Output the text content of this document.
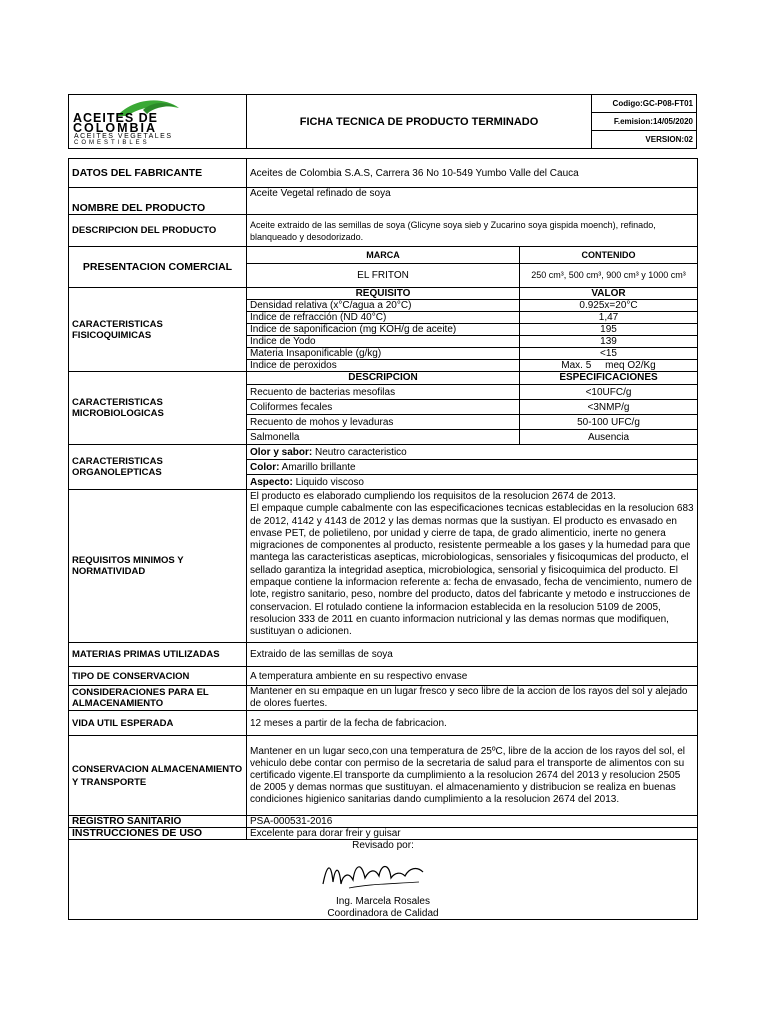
ACEITES DE
COLOMBIA
ACEITES VEGETALES
COMESTIBLES
	FICHA TECNICA DE PRODUCTO TERMINADO	Codigo:GC-P08-FT01
F.emision:14/05/2020
VERSION:02
DATOS DEL FABRICANTE	Aceites de Colombia S.A.S, Carrera 36 No 10-549 Yumbo Valle del Cauca	
NOMBRE DEL PRODUCTO	Aceite Vegetal refinado de soya	
DESCRIPCION DEL PRODUCTO	Aceite extraido de las semillas de soya (Glicyne soya sieb y Zucarino soya gispida moench), refinado, blanqueado y desodorizado.	
PRESENTACION COMERCIAL	MARCA	CONTENIDO
	EL FRITON	250 cm³, 500 cm³, 900 cm³ y 1000 cm³
CARACTERISTICAS FISICOQUIMICAS	REQUISITO	VALOR
	Densidad relativa (x°C/agua a 20°C)	0.925x=20°C
	Indice de refracción (ND 40°C)	1,47
	Indice de saponificacion (mg KOH/g de aceite)	195
	Indice de Yodo	139
	Materia Insaponificable (g/kg)	<15
	Indice de peroxidos	Max. 5     meq O2/Kg
CARACTERISTICAS MICROBIOLOGICAS	DESCRIPCION	ESPECIFICACIONES
	Recuento de bacterias mesofilas	<10UFC/g
	Coliformes fecales	<3NMP/g
	Recuento de mohos y levaduras	50-100 UFC/g
	Salmonella	Ausencia
CARACTERISTICAS ORGANOLEPTICAS	Olor y sabor: Neutro caracteristico	
	Color: Amarillo brillante	
	Aspecto: Liquido viscoso	
REQUISITOS MINIMOS Y NORMATIVIDAD	El producto es elaborado cumpliendo los requisitos de la resolucion 2674 de 2013.
El empaque cumple cabalmente con las especificaciones tecnicas establecidas en la resolucion 683 de 2012, 4142 y 4143 de 2012 y las demas normas que la sustiyan. El producto es envasado en envase PET, de polietileno, por unidad y cierre de tapa, de grado alimenticio, inerte no genera migraciones de componentes al producto, resistente permeable a los gases y la humedad para que mantega las caracteristicas asepticas, microbiologicas, sensoriales y fisicoqumicas del producto, el sellado garantiza la integridad aseptica, microbiologica, sensorial y fisicoquimica del producto. El empaque contiene la informacion referente a: fecha de envasado, fecha de vencimiento, numero de lote, registro sanitario, peso, nombre del producto, datos del fabricante y metodo e instrucciones de conservacion. El rotulado contiene la informacion establecida en la resolucion 5109 de 2005, resolucion 333 de 2011 en cuanto informacion nutricional y las demas normas que modifiquen, sustituyan o adicionen.	

MATERIAS PRIMAS UTILIZADAS	Extraido de las semillas de soya	
TIPO DE CONSERVACION	A temperatura ambiente en su respectivo envase	
CONSIDERACIONES PARA EL ALMACENAMIENTO	Mantener en su empaque en un lugar fresco y seco libre de la accion de los rayos del sol y alejado de olores fuertes.	
VIDA UTIL ESPERADA	12 meses a partir de la fecha de fabricacion.	
CONSERVACION ALMACENAMIENTO Y TRANSPORTE	Mantener en un lugar seco,con una temperatura de 25ºC, libre de la accion de los rayos del sol, el vehiculo debe contar con permiso de la secretaria de salud para el transporte de alimentos con su certificado vigente.El transporte da cumplimiento a la resolucion 2674 del 2013 y resolucion 2505 de 2005 y demas normas que sustituyan. el almacenamiento y distribucion se realiza en buenas condiciones higienico sanitarias dando cumplimiento a la resolucion 2674 del 2013.	
REGISTRO SANITARIO	PSA-000531-2016	
INSTRUCCIONES DE USO	Excelente para dorar freir y guisar	
Revisado por:		

Ing. Marcela Rosales		
Coordinadora de Calidad		
